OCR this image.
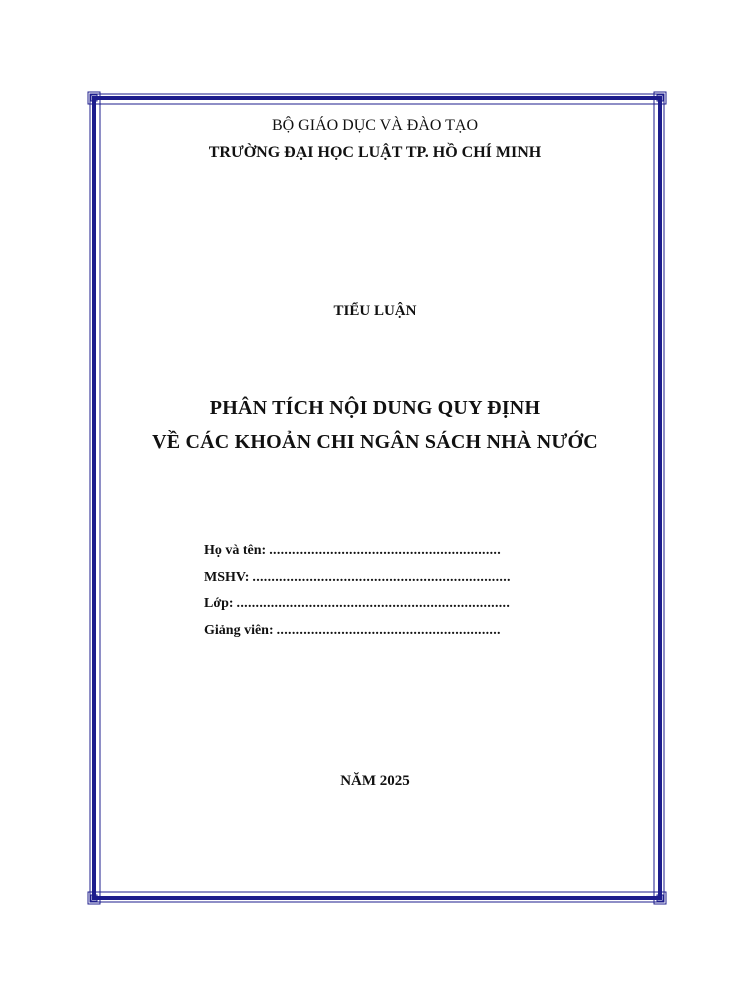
BỘ GIÁO DỤC VÀ ĐÀO TẠO
TRƯỜNG ĐẠI HỌC LUẬT TP. HỒ CHÍ MINH
TIỂU LUẬN
PHÂN TÍCH NỘI DUNG QUY ĐỊNH
VỀ CÁC KHOẢN CHI NGÂN SÁCH NHÀ NƯỚC
Họ và tên: .............................................................
MSHV: ....................................................................
Lớp: ........................................................................
Giảng viên: ...........................................................
NĂM 2025
